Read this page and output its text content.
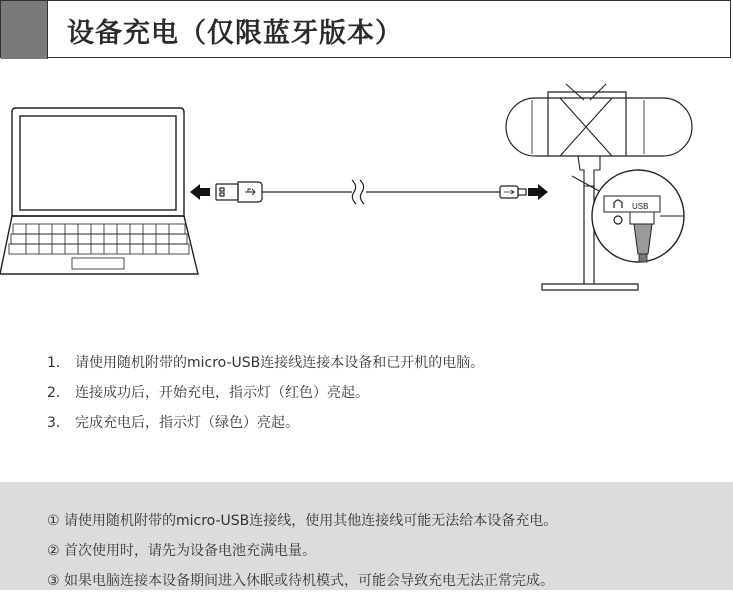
设备充电（仅限蓝牙版本）
USB
1． 请使用随机附带的micro-USB连接线连接本设备和已开机的电脑。
2． 连接成功后，开始充电，指示灯（红色）亮起。
3． 完成充电后，指示灯（绿色）亮起。
① 请使用随机附带的micro-USB连接线，使用其他连接线可能无法给本设备充电。
② 首次使用时，请先为设备电池充满电量。
③ 如果电脑连接本设备期间进入休眠或待机模式，可能会导致充电无法正常完成。
